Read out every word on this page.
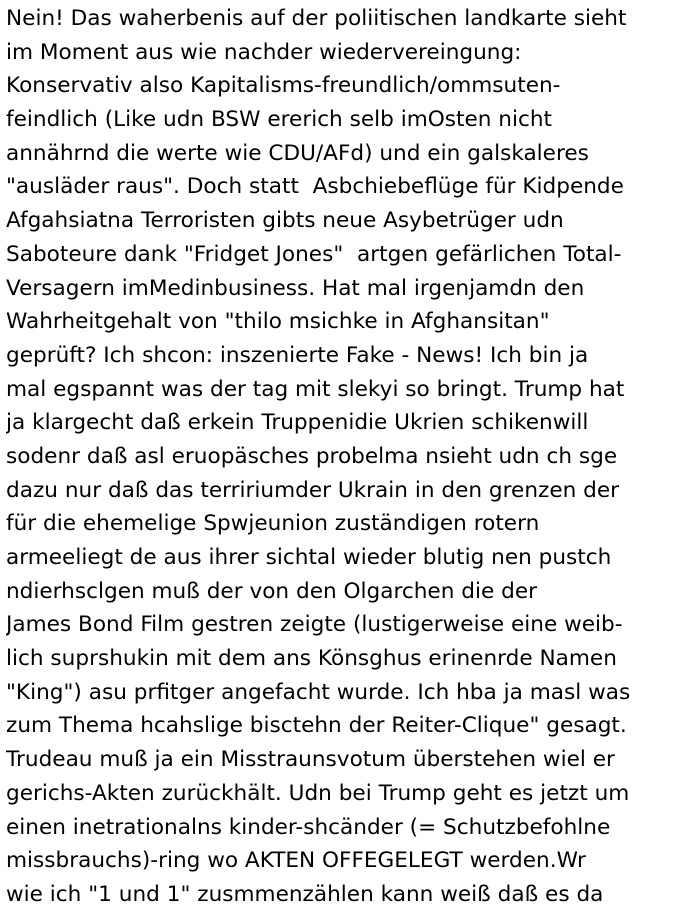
Nein! Das waherbenis auf der poliitischen landkarte sieht
im Moment aus wie nachder wiedervereingung:
Konservativ also Kapitalisms-freundlich/ommsuten-
feindlich (Like udn BSW ererich selb imOsten nicht
annährnd die werte wie CDU/AFd) und ein galskaleres
"ausläder raus". Doch statt  Asbchiebeflüge für Kidpende
Afgahsiatna Terroristen gibts neue Asybetrüger udn
Saboteure dank "Fridget Jones"  artgen gefärlichen Total-
Versagern imMedinbusiness. Hat mal irgenjamdn den
Wahrheitgehalt von "thilo msichke in Afghansitan"
geprüft? Ich shcon: inszenierte Fake - News! Ich bin ja
mal egspannt was der tag mit slekyi so bringt. Trump hat
ja klargecht daß erkein Truppenidie Ukrien schikenwill
sodenr daß asl eruopäsches probelma nsieht udn ch sge
dazu nur daß das terririumder Ukrain in den grenzen der
für die ehemelige Spwjeunion zuständigen rotern
armeeliegt de aus ihrer sichtal wieder blutig nen pustch
ndierhsclgen muß der von den Olgarchen die der
James Bond Film gestren zeigte (lustigerweise eine weib-
lich suprshukin mit dem ans Könsghus erinenrde Namen
"King") asu prfitger angefacht wurde. Ich hba ja masl was
zum Thema hcahslige bisctehn der Reiter-Clique" gesagt.
Trudeau muß ja ein Misstraunsvotum überstehen wiel er
gerichs-Akten zurückhält. Udn bei Trump geht es jetzt um
einen inetrationalns kinder-shcänder (= Schutzbefohlne
missbrauchs)-ring wo AKTEN OFFEGELEGT werden.Wr
wie ich "1 und 1" zusmmenzählen kann weiß daß es da
